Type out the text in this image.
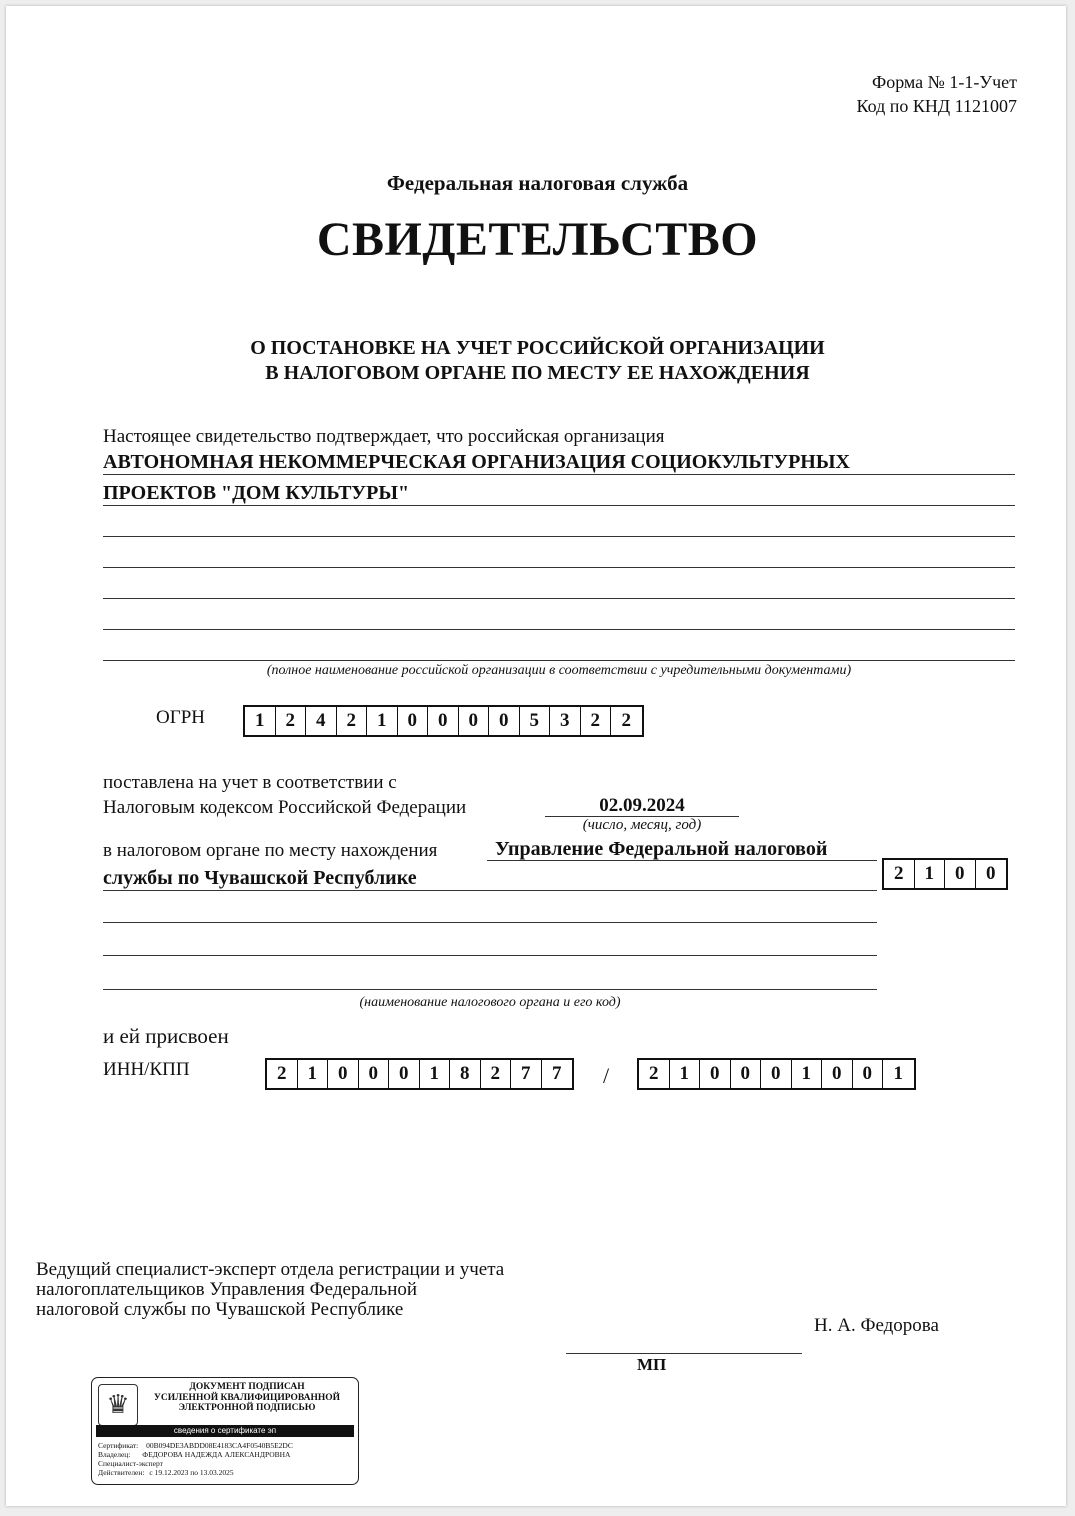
Форма № 1-1-Учет
Код по КНД 1121007
Федеральная налоговая служба
СВИДЕТЕЛЬСТВО
О ПОСТАНОВКЕ НА УЧЕТ РОССИЙСКОЙ ОРГАНИЗАЦИИ
В НАЛОГОВОМ ОРГАНЕ ПО МЕСТУ ЕЕ НАХОЖДЕНИЯ
Настоящее свидетельство подтверждает, что российская организация
АВТОНОМНАЯ НЕКОММЕРЧЕСКАЯ ОРГАНИЗАЦИЯ СОЦИОКУЛЬТУРНЫХ
ПРОЕКТОВ "ДОМ КУЛЬТУРЫ"
(полное наименование российской организации в соответствии с учредительными документами)
ОГРН	1	2	4	2	1	0	0	0	0	5	3	2	2
поставлена на учет в соответствии с
Налоговым кодексом Российской Федерации	02.09.2024
(число, месяц, год)
в налоговом органе по месту нахождения	Управление Федеральной налоговой
службы по Чувашской Республике	2	1	0	0
(наименование налогового органа и его код)
и ей присвоен
ИНН/КПП	2	1	0	0	0	1	8	2	7	7	/	2	1	0	0	0	1	0	0	1
Ведущий специалист-эксперт отдела регистрации и учета
налогоплательщиков Управления Федеральной
налоговой службы по Чувашской Республике
Н. А. Федорова
МП
♛
ДОКУМЕНТ ПОДПИСАН
УСИЛЕННОЙ КВАЛИФИЦИРОВАННОЙ
ЭЛЕКТРОННОЙ ПОДПИСЬЮ
сведения о сертификате эп
Сертификат: 00B094DE3ABDD08E4183CA4F0540B5E2DC
Владелец: ФЕДОРОВА НАДЕЖДА АЛЕКСАНДРОВНА
Специалист-эксперт
Действителен: с 19.12.2023 по 13.03.2025
